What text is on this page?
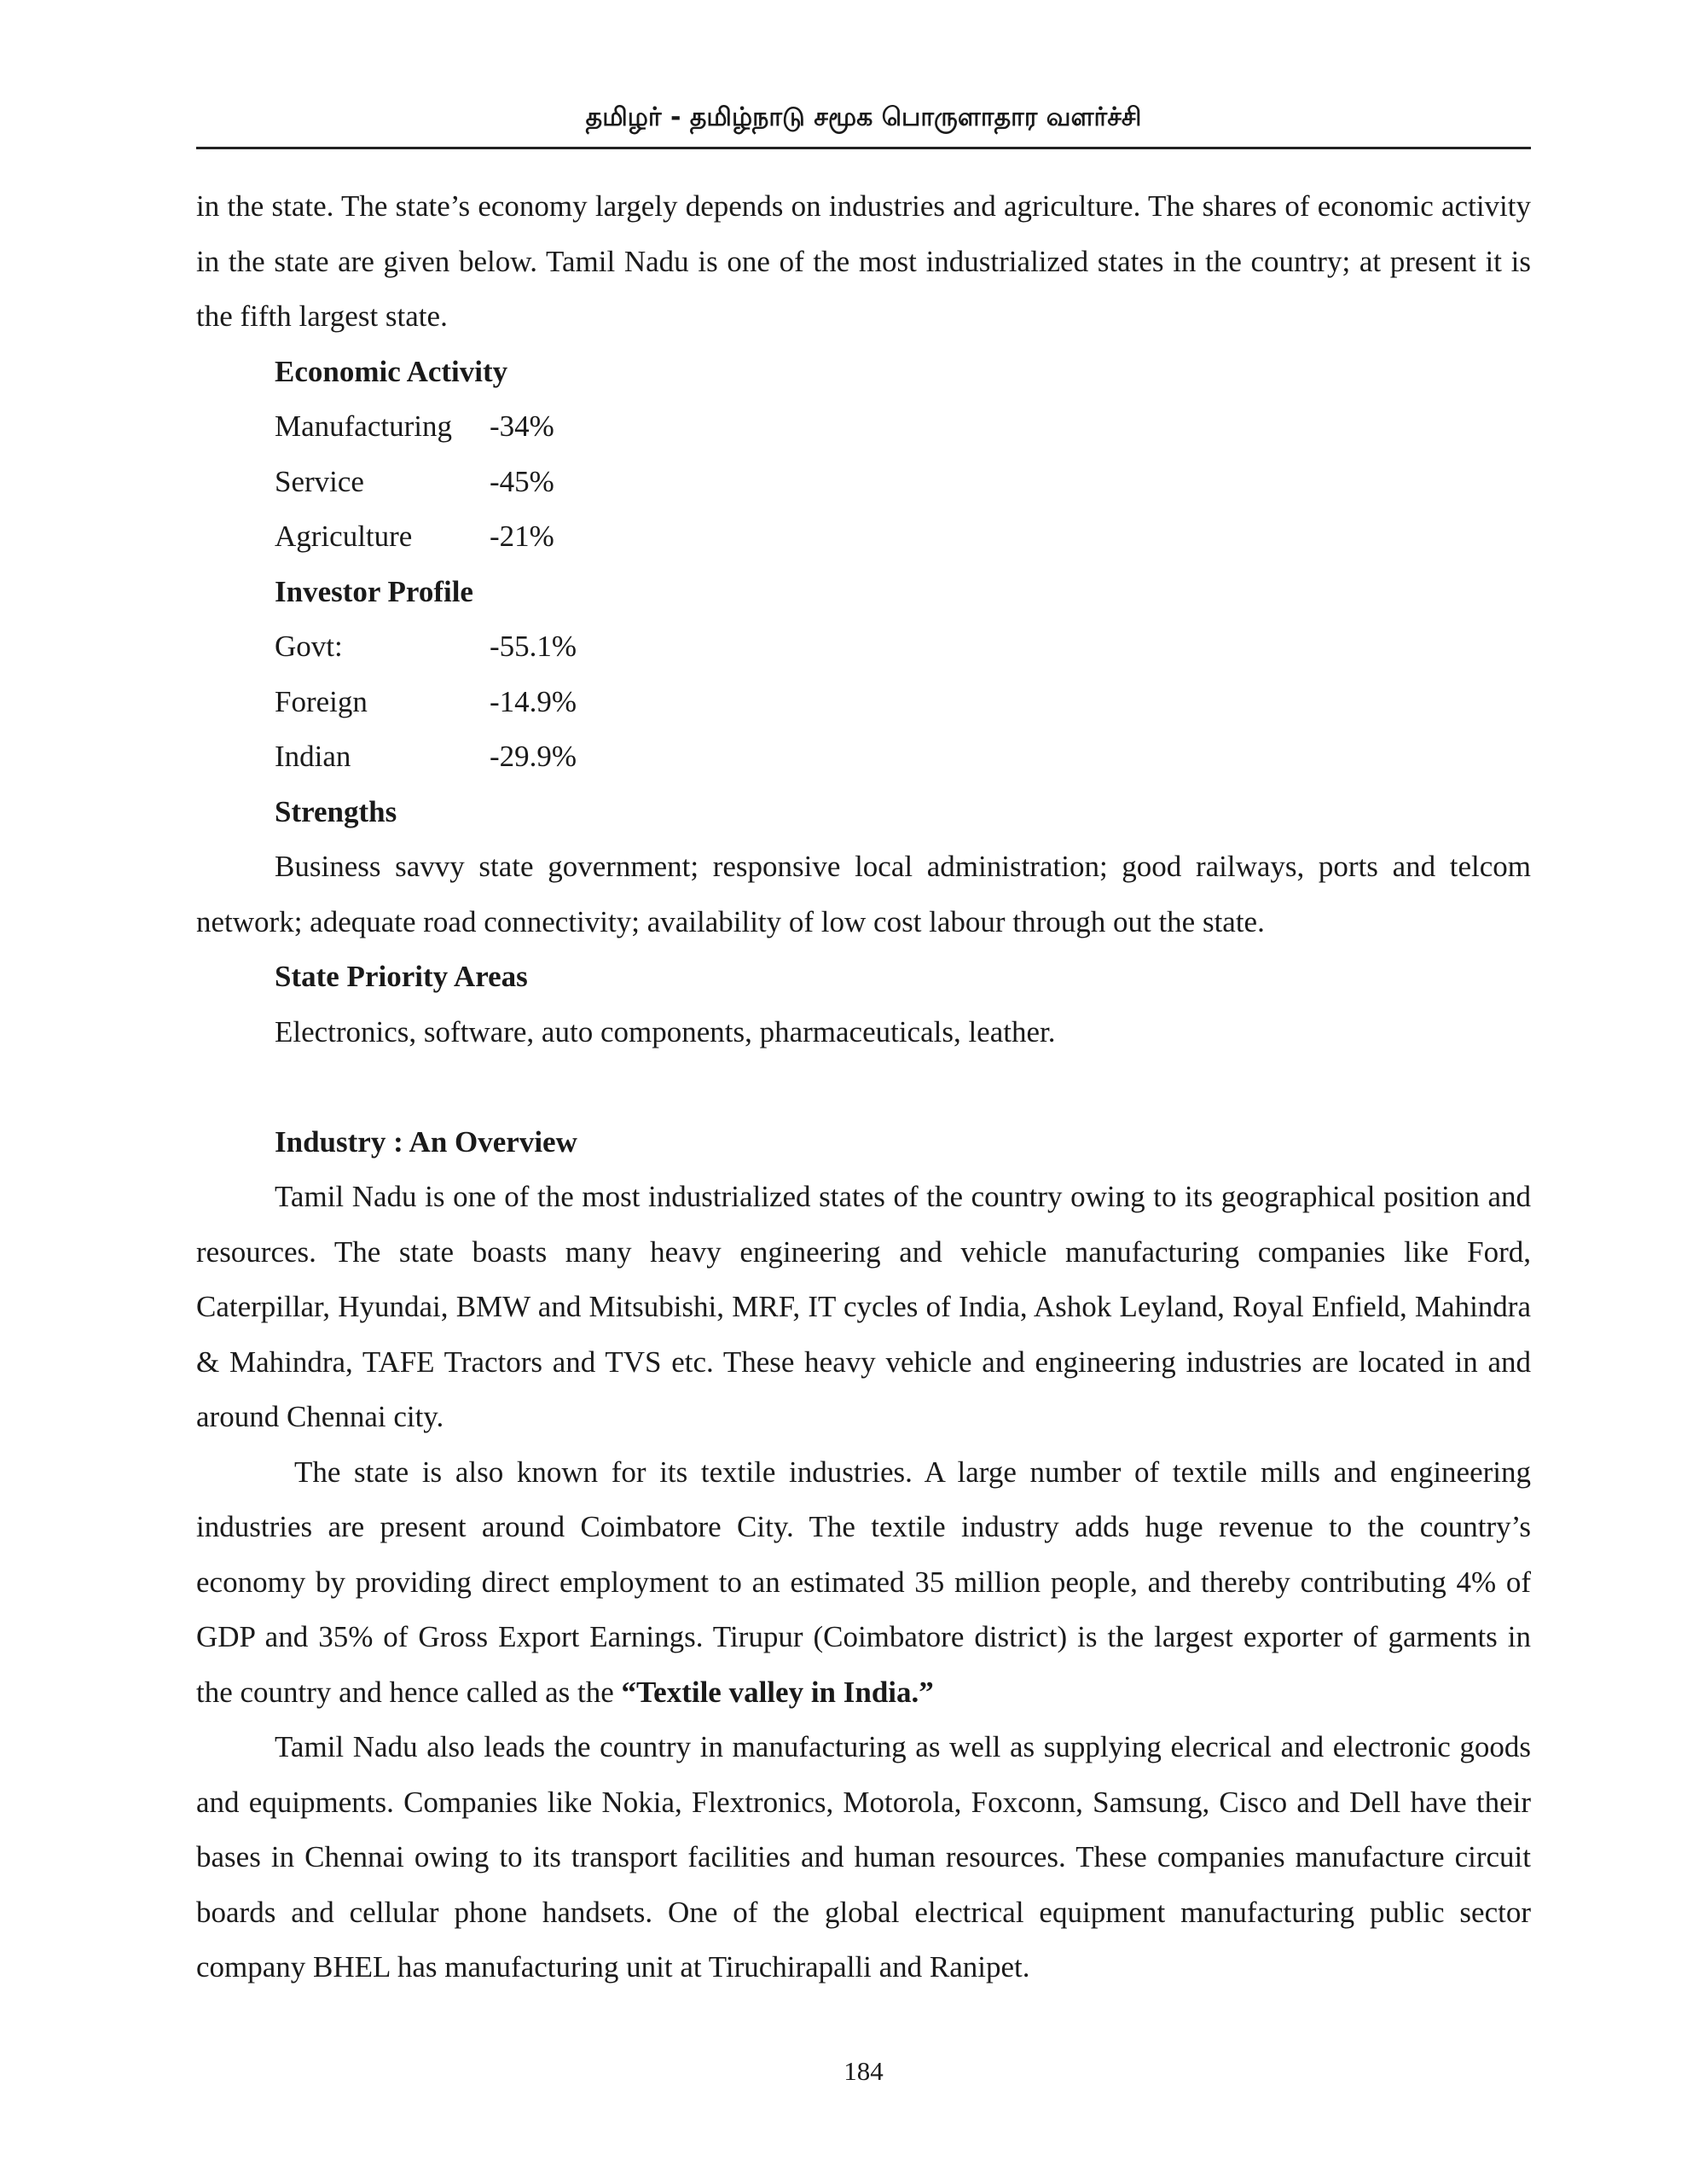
தமிழர் - தமிழ்நாடு சமூக பொருளாதார வளர்ச்சி

in the state. The state’s economy largely depends on industries and agriculture. The shares of economic activity in the state are given below. Tamil Nadu is one of the most industrialized states in the country; at present it is the fifth largest state.

Economic Activity

Manufacturing	-34%
Service	-45%
Agriculture	-21%

Investor Profile

Govt:	-55.1%
Foreign	-14.9%
Indian	-29.9%

Strengths

Business savvy state government; responsive local administration; good railways, ports and telcom network; adequate road connectivity; availability of low cost labour through out the state.

State Priority Areas

Electronics, software, auto components, pharmaceuticals, leather.

Industry : An Overview

Tamil Nadu is one of the most industrialized states of the country owing to its geographical position and resources. The state boasts many heavy engineering and vehicle manufacturing companies like Ford, Caterpillar, Hyundai, BMW and Mitsubishi, MRF, IT cycles of India, Ashok Leyland, Royal Enfield, Mahindra & Mahindra, TAFE Tractors and TVS etc. These heavy vehicle and engineering industries are located in and around Chennai city.

The state is also known for its textile industries. A large number of textile mills and engineering industries are present around Coimbatore City. The textile industry adds huge revenue to the country’s economy by providing direct employment to an estimated 35 million people, and thereby contributing 4% of GDP and 35% of Gross Export Earnings. Tirupur (Coimbatore district) is the largest exporter of garments in the country and hence called as the “Textile valley in India.”

Tamil Nadu also leads the country in manufacturing as well as supplying elecrical and electronic goods and equipments. Companies like Nokia, Flextronics, Motorola, Foxconn, Samsung, Cisco and Dell have their bases in Chennai owing to its transport facilities and human resources. These companies manufacture circuit boards and cellular phone handsets. One of the global electrical equipment manufacturing public sector company BHEL has manufacturing unit at Tiruchirapalli and Ranipet.

184
